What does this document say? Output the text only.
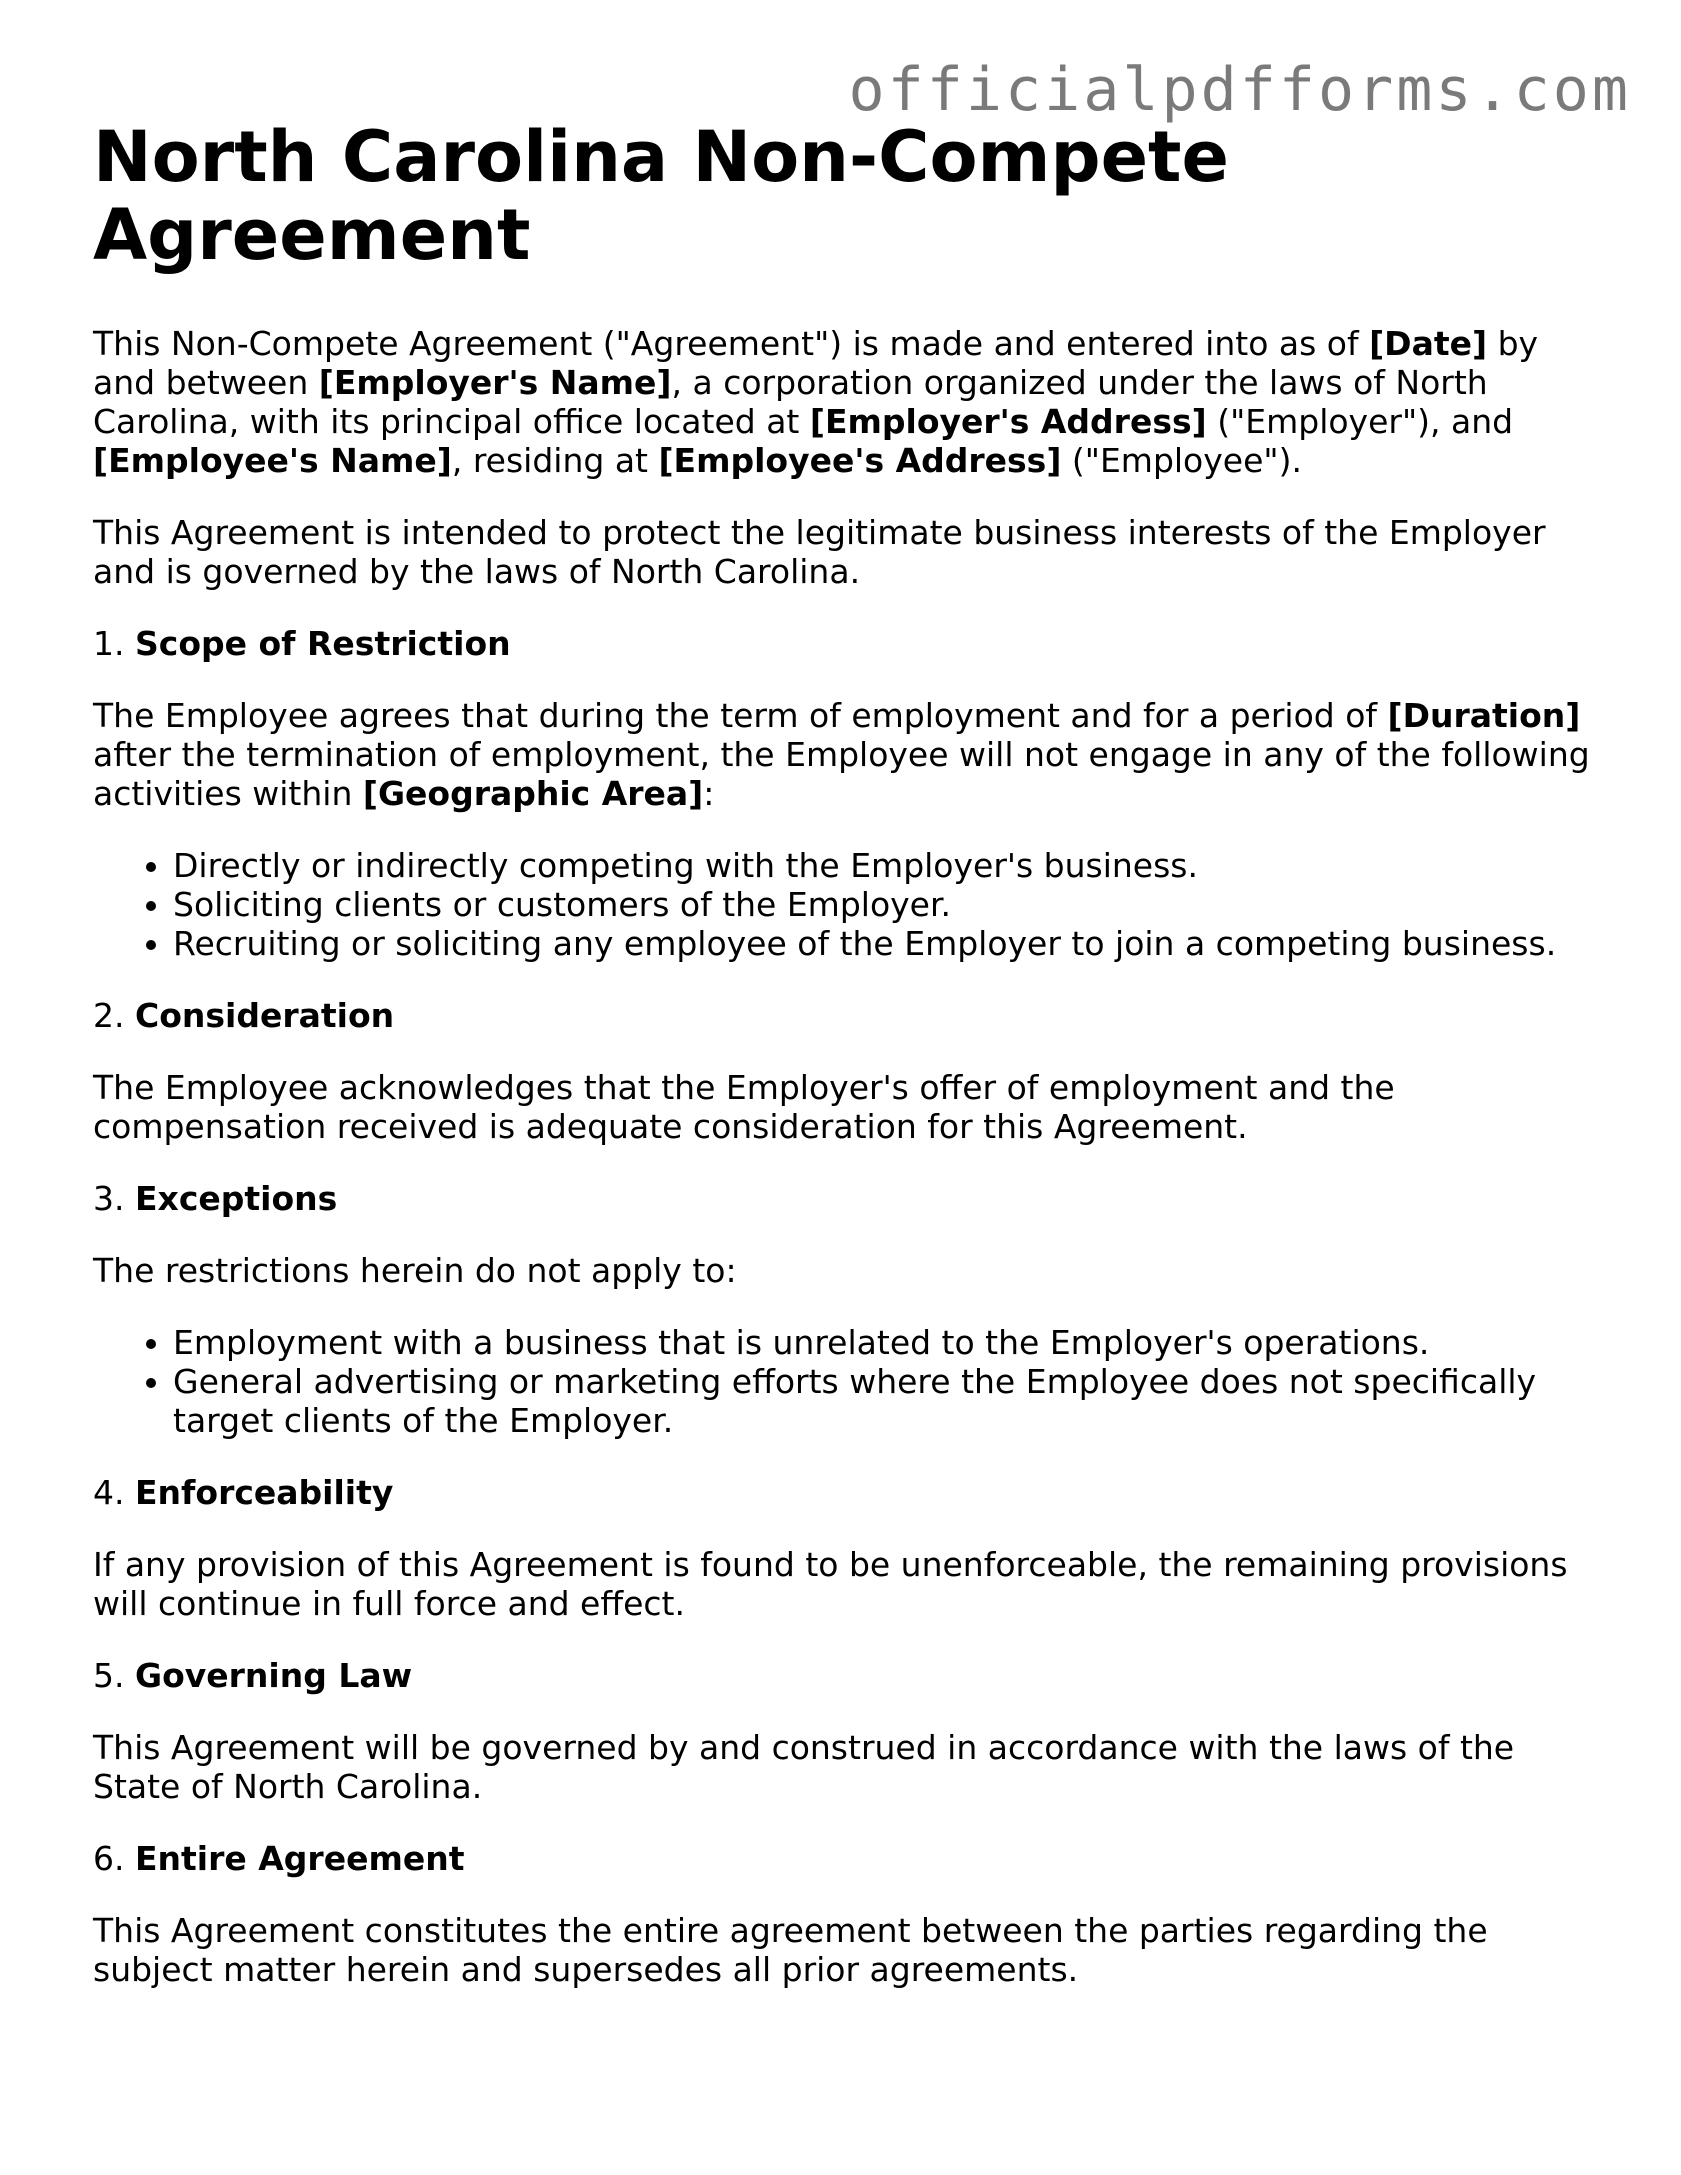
officialpdfforms.com
North Carolina Non-Compete Agreement

This Non-Compete Agreement ("Agreement") is made and entered into as of [Date] by and between [Employer's Name], a corporation organized under the laws of North Carolina, with its principal office located at [Employer's Address] ("Employer"), and [Employee's Name], residing at [Employee's Address] ("Employee").

This Agreement is intended to protect the legitimate business interests of the Employer and is governed by the laws of North Carolina.

1. Scope of Restriction

The Employee agrees that during the term of employment and for a period of [Duration] after the termination of employment, the Employee will not engage in any of the following activities within [Geographic Area]:

• Directly or indirectly competing with the Employer's business.
• Soliciting clients or customers of the Employer.
• Recruiting or soliciting any employee of the Employer to join a competing business.

2. Consideration

The Employee acknowledges that the Employer's offer of employment and the compensation received is adequate consideration for this Agreement.

3. Exceptions

The restrictions herein do not apply to:

• Employment with a business that is unrelated to the Employer's operations.
• General advertising or marketing efforts where the Employee does not specifically target clients of the Employer.

4. Enforceability

If any provision of this Agreement is found to be unenforceable, the remaining provisions will continue in full force and effect.

5. Governing Law

This Agreement will be governed by and construed in accordance with the laws of the State of North Carolina.

6. Entire Agreement

This Agreement constitutes the entire agreement between the parties regarding the subject matter herein and supersedes all prior agreements.
